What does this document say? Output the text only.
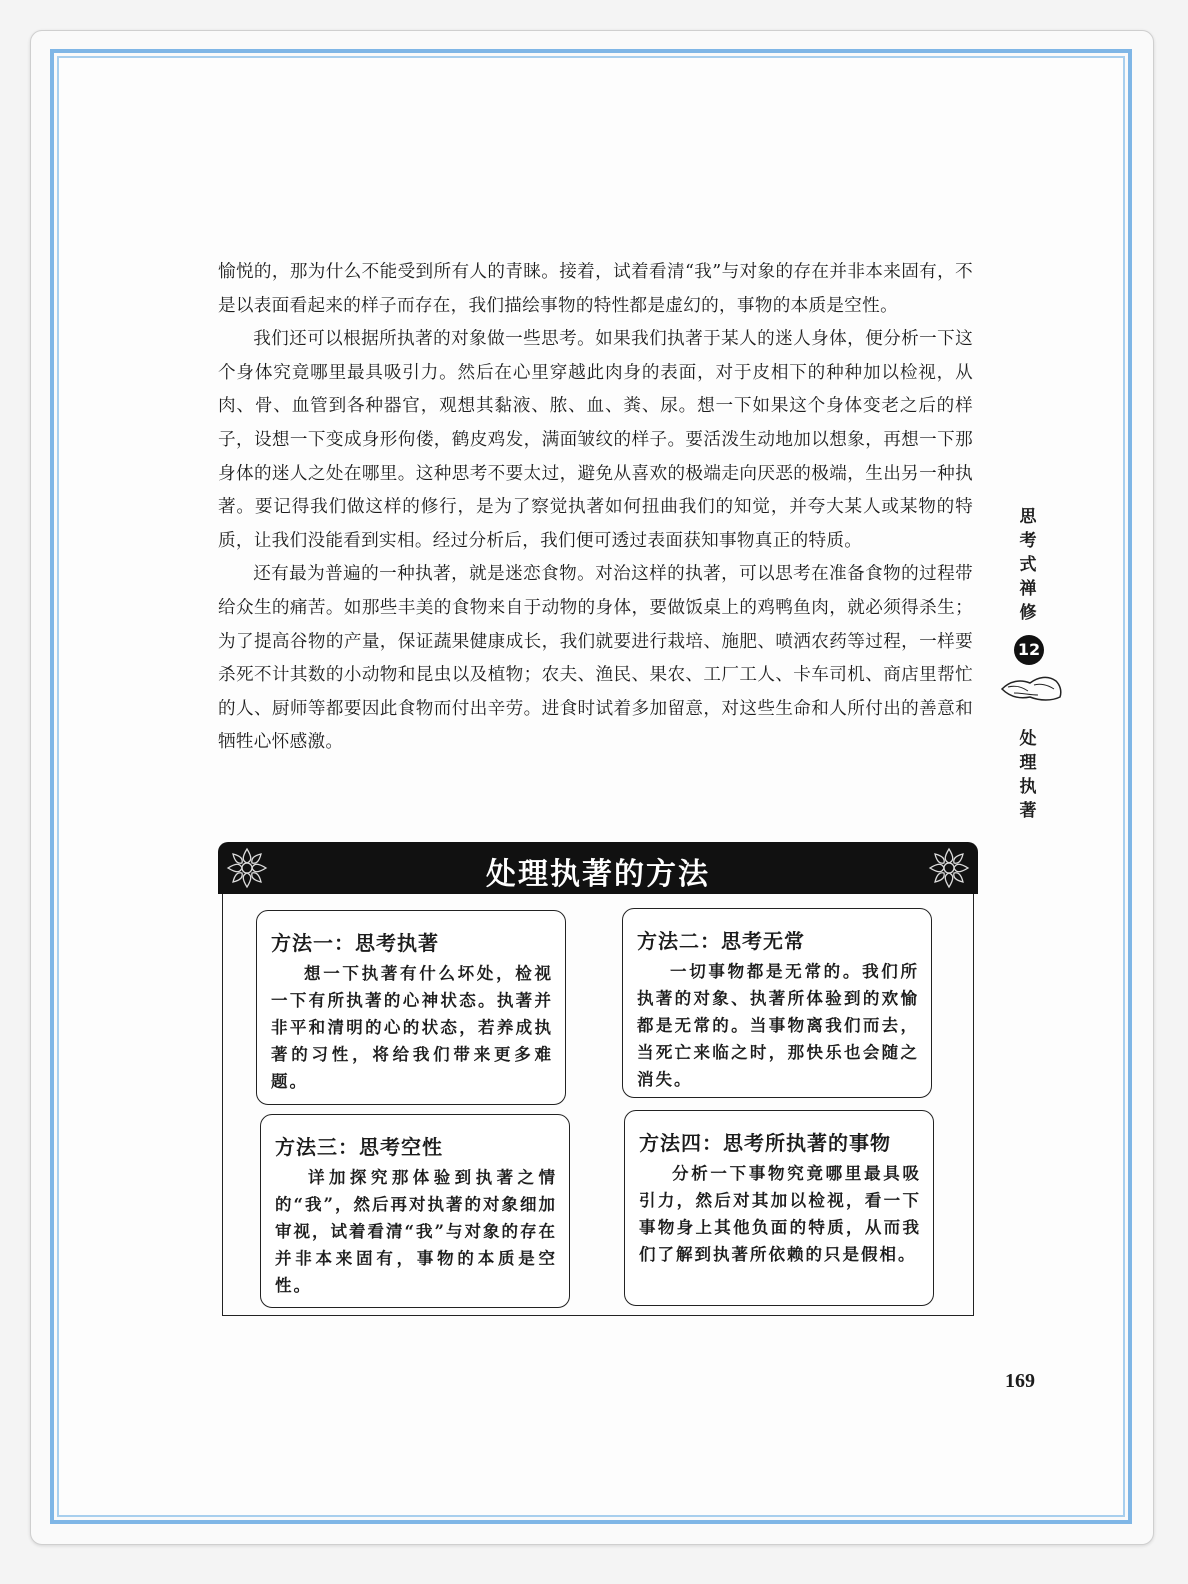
愉悦的，那为什么不能受到所有人的青睐。接着，试着看清“我”与对象的存在并非本来固有，不是以表面看起来的样子而存在，我们描绘事物的特性都是虚幻的，事物的本质是空性。

我们还可以根据所执著的对象做一些思考。如果我们执著于某人的迷人身体，便分析一下这个身体究竟哪里最具吸引力。然后在心里穿越此肉身的表面，对于皮相下的种种加以检视，从肉、骨、血管到各种器官，观想其黏液、脓、血、粪、尿。想一下如果这个身体变老之后的样子，设想一下变成身形佝偻，鹤皮鸡发，满面皱纹的样子。要活泼生动地加以想象，再想一下那身体的迷人之处在哪里。这种思考不要太过，避免从喜欢的极端走向厌恶的极端，生出另一种执著。要记得我们做这样的修行，是为了察觉执著如何扭曲我们的知觉，并夸大某人或某物的特质，让我们没能看到实相。经过分析后，我们便可透过表面获知事物真正的特质。

还有最为普遍的一种执著，就是迷恋食物。对治这样的执著，可以思考在准备食物的过程带给众生的痛苦。如那些丰美的食物来自于动物的身体，要做饭桌上的鸡鸭鱼肉，就必须得杀生；为了提高谷物的产量，保证蔬果健康成长，我们就要进行栽培、施肥、喷洒农药等过程，一样要杀死不计其数的小动物和昆虫以及植物；农夫、渔民、果农、工厂工人、卡车司机、商店里帮忙的人、厨师等都要因此食物而付出辛劳。进食时试着多加留意，对这些生命和人所付出的善意和牺牲心怀感激。

思
考
式
禅
修
12
处
理
执
著
处理执著的方法

方法一：思考执著

想一下执著有什么坏处，检视一下有所执著的心神状态。执著并非平和清明的心的状态，若养成执著的习性，将给我们带来更多难题。

方法二：思考无常

一切事物都是无常的。我们所执著的对象、执著所体验到的欢愉都是无常的。当事物离我们而去，当死亡来临之时，那快乐也会随之消失。

方法三：思考空性

详加探究那体验到执著之情的“我”，然后再对执著的对象细加审视，试着看清“我”与对象的存在并非本来固有，事物的本质是空性。

方法四：思考所执著的事物

分析一下事物究竟哪里最具吸引力，然后对其加以检视，看一下事物身上其他负面的特质，从而我们了解到执著所依赖的只是假相。

169
